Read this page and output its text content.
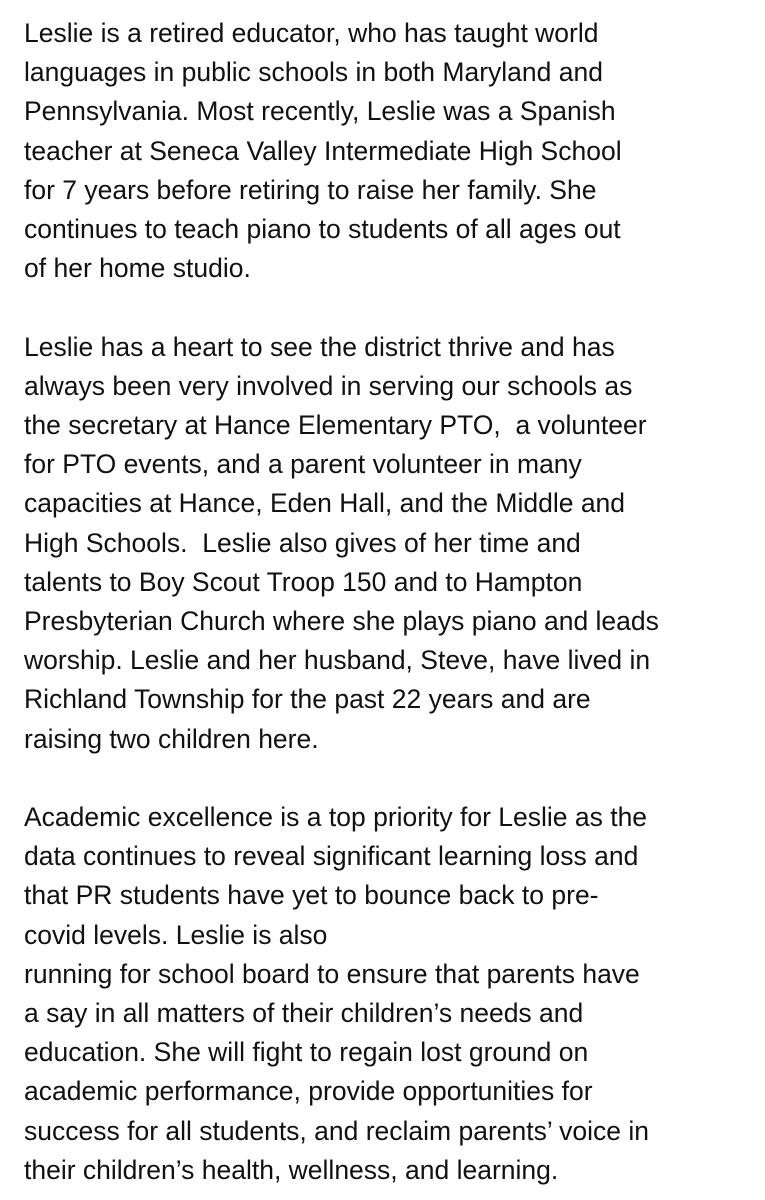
Leslie is a retired educator, who has taught world
languages in public schools in both Maryland and
Pennsylvania. Most recently, Leslie was a Spanish
teacher at Seneca Valley Intermediate High School
for 7 years before retiring to raise her family. She
continues to teach piano to students of all ages out
of her home studio.

Leslie has a heart to see the district thrive and has
always been very involved in serving our schools as
the secretary at Hance Elementary PTO,  a volunteer
for PTO events, and a parent volunteer in many
capacities at Hance, Eden Hall, and the Middle and
High Schools.  Leslie also gives of her time and
talents to Boy Scout Troop 150 and to Hampton
Presbyterian Church where she plays piano and leads
worship. Leslie and her husband, Steve, have lived in
Richland Township for the past 22 years and are
raising two children here.

Academic excellence is a top priority for Leslie as the
data continues to reveal significant learning loss and
that PR students have yet to bounce back to pre-
covid levels. Leslie is also
running for school board to ensure that parents have
a say in all matters of their children’s needs and
education. She will fight to regain lost ground on
academic performance, provide opportunities for
success for all students, and reclaim parents’ voice in
their children’s health, wellness, and learning.
